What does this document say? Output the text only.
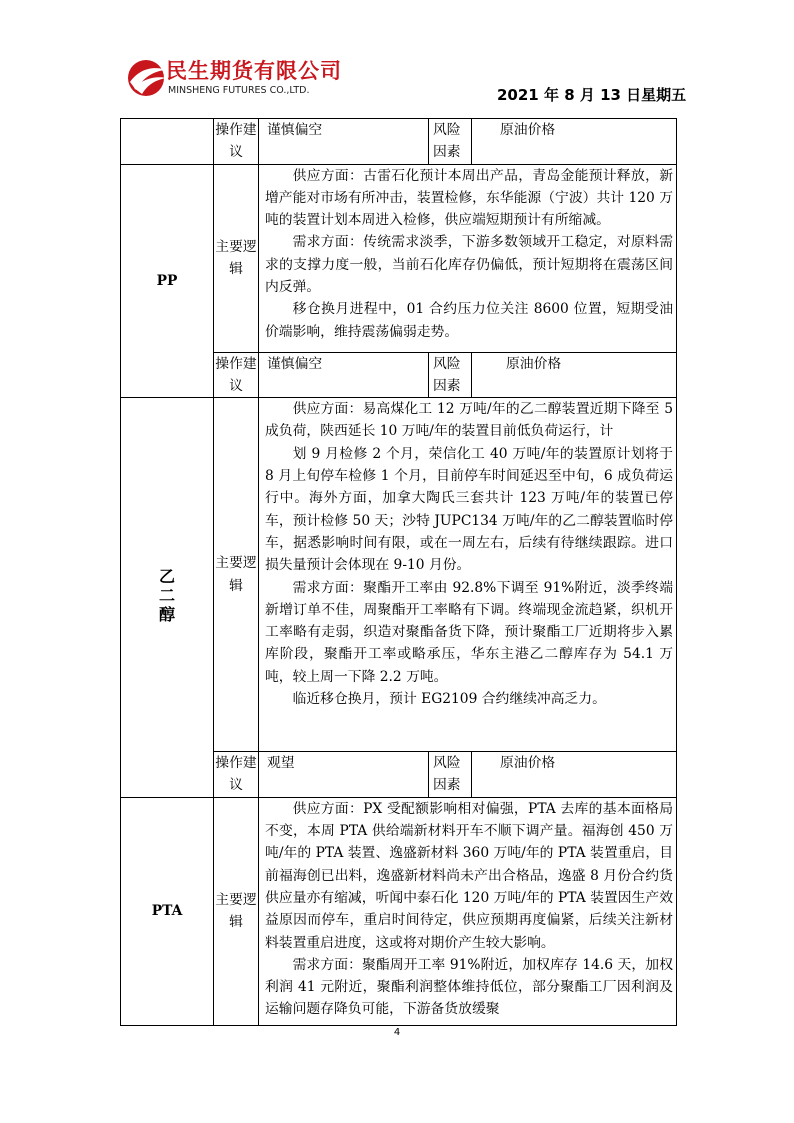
民生期货有限公司
MINSHENG FUTURES CO.,LTD.	2021 年 8 月 13 日星期五
	操作建议	谨慎偏空	风险因素	原油价格
PP	主要逻辑	供应方面：古雷石化预计本周出产品，青岛金能预计释放，新增产能对市场有所冲击，装置检修，东华能源（宁波）共计 120 万吨的装置计划本周进入检修，供应端短期预计有所缩减。

需求方面：传统需求淡季，下游多数领域开工稳定，对原料需求的支撑力度一般，当前石化库存仍偏低，预计短期将在震荡区间内反弹。

移仓换月进程中，01 合约压力位关注 8600 位置，短期受油价端影响，维持震荡偏弱走势。		

	操作建议	谨慎偏空	风险因素	原油价格
乙二醇	主要逻辑	供应方面：易高煤化工 12 万吨/年的乙二醇装置近期下降至 5 成负荷，陕西延长 10 万吨/年的装置目前低负荷运行，计

划 9 月检修 2 个月，荣信化工 40 万吨/年的装置原计划将于 8 月上旬停车检修 1 个月，目前停车时间延迟至中旬，6 成负荷运行中。海外方面，加拿大陶氏三套共计 123 万吨/年的装置已停车，预计检修 50 天；沙特 JUPC134 万吨/年的乙二醇装置临时停车，据悉影响时间有限，或在一周左右，后续有待继续跟踪。进口损失量预计会体现在 9-10 月份。

需求方面：聚酯开工率由 92.8%下调至 91%附近，淡季终端新增订单不佳，周聚酯开工率略有下调。终端现金流趋紧，织机开工率略有走弱，织造对聚酯备货下降，预计聚酯工厂近期将步入累库阶段，聚酯开工率或略承压，华东主港乙二醇库存为 54.1 万吨，较上周一下降 2.2 万吨。

临近移仓换月，预计 EG2109 合约继续冲高乏力。		

	操作建议	观望	风险因素	原油价格
PTA	主要逻辑	供应方面：PX 受配额影响相对偏强，PTA 去库的基本面格局不变，本周 PTA 供给端新材料开车不顺下调产量。福海创 450 万吨/年的 PTA 装置、逸盛新材料 360 万吨/年的 PTA 装置重启，目前福海创已出料，逸盛新材料尚未产出合格品，逸盛 8 月份合约货供应量亦有缩减，听闻中泰石化 120 万吨/年的 PTA 装置因生产效益原因而停车，重启时间待定，供应预期再度偏紧，后续关注新材料装置重启进度，这或将对期价产生较大影响。

需求方面：聚酯周开工率 91%附近，加权库存 14.6 天，加权利润 41 元附近，聚酯利润整体维持低位，部分聚酯工厂因利润及运输问题存降负可能，下游备货放缓聚		

4
